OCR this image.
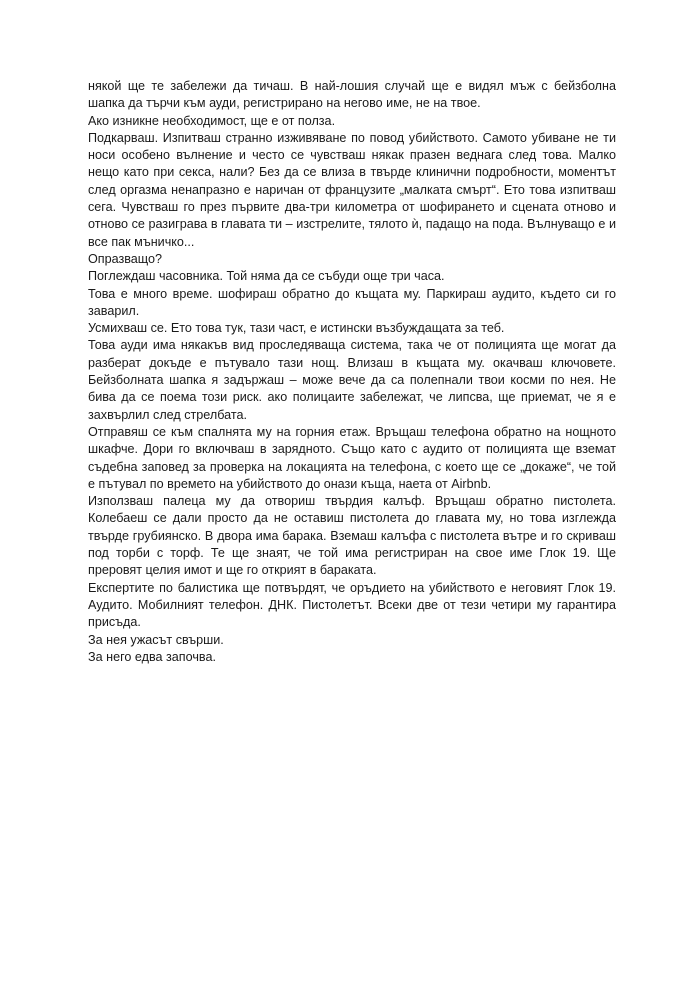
някой ще те забележи да тичаш. В най-лошия случай ще е видял мъж с бейзболна шапка да търчи към ауди, регистрирано на негово име, не на твое.

Ако изникне необходимост, ще е от полза.

Подкарваш. Изпитваш странно изживяване по повод убийството. Самото убиване не ти носи особено вълнение и често се чувстваш някак празен веднага след това. Малко нещо като при секса, нали? Без да се влиза в твърде клинични подробности, моментът след оргазма ненапразно е наричан от французите „малката смърт“. Ето това изпитваш сега. Чувстваш го през първите два-три километра от шофирането и сцената отново и отново се разиграва в главата ти – изстрелите, тялото ѝ, падащо на пода. Вълнуващо е и все пак мъничко...

Опразващо?

Поглеждаш часовника. Той няма да се събуди още три часа.

Това е много време. шофираш обратно до къщата му. Паркираш аудито, където си го заварил.

Усмихваш се. Ето това тук, тази част, е истински възбуждащата за теб.

Това ауди има някакъв вид проследяваща система, така че от полицията ще могат да разберат докъде е пътувало тази нощ. Влизаш в къщата му. окачваш ключовете. Бейзболната шапка я задържаш – може вече да са полепнали твои косми по нея. Не бива да се поема този риск. ако полицаите забележат, че липсва, ще приемат, че я е захвърлил след стрелбата.

Отправяш се към спалнята му на горния етаж. Връщаш телефона обратно на нощното шкафче. Дори го включваш в зарядното. Също като с аудито от полицията ще вземат съдебна заповед за проверка на локацията на телефона, с което ще се „докаже“, че той е пътувал по времето на убийството до онази къща, наета от Airbnb.

Използваш палеца му да отвориш твърдия калъф. Връщаш обратно пистолета. Колебаеш се дали просто да не оставиш пистолета до главата му, но това изглежда твърде грубиянско. В двора има барака. Вземаш калъфа с пистолета вътре и го скриваш под торби с торф. Те ще знаят, че той има регистриран на свое име Глок 19. Ще преровят целия имот и ще го открият в бараката.

Експертите по балистика ще потвърдят, че оръдието на убийството е неговият Глок 19. Аудито. Мобилният телефон. ДНК. Пистолетът. Всеки две от тези четири му гарантира присъда.

За нея ужасът свърши.

За него едва започва.
